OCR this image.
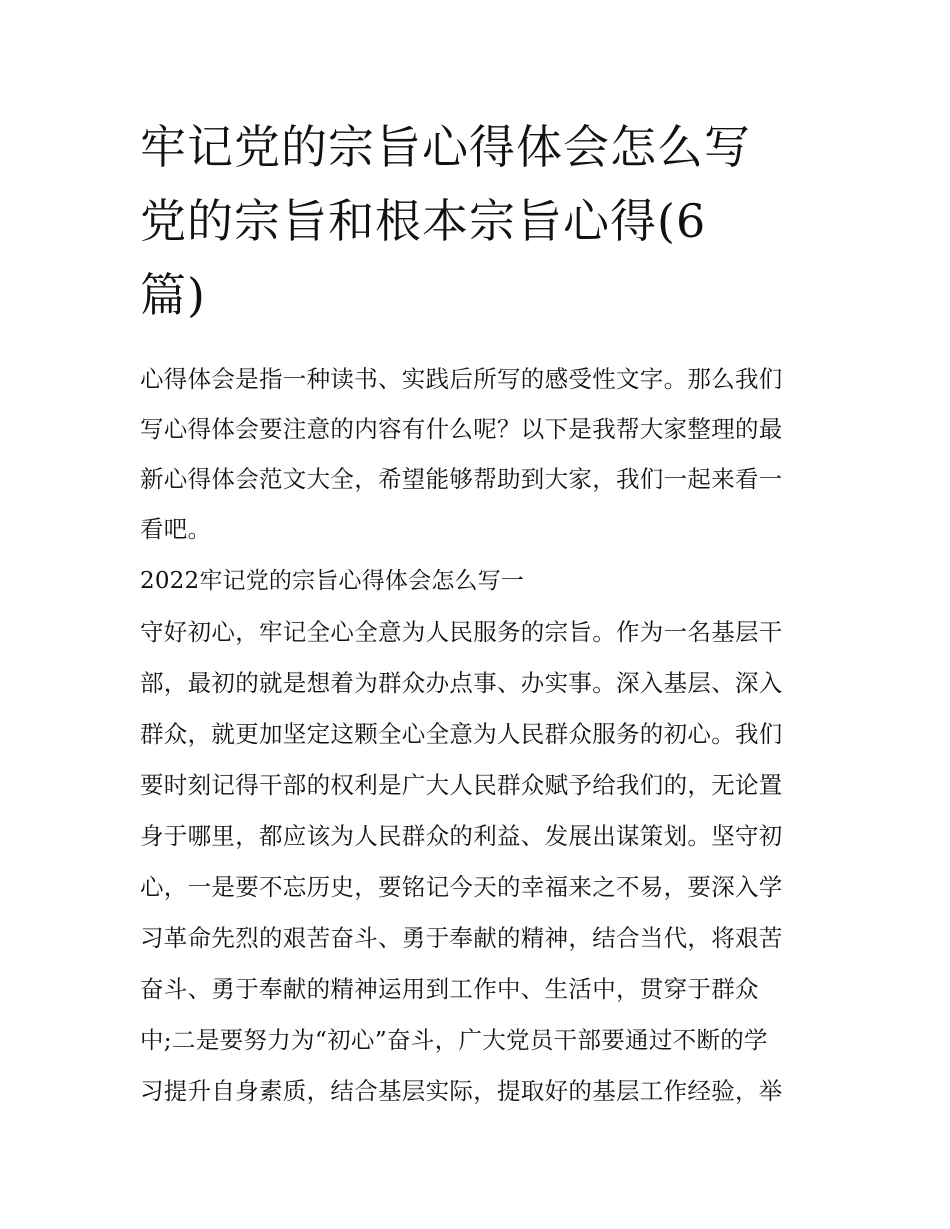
牢记党的宗旨心得体会怎么写
党的宗旨和根本宗旨心得(6
篇)

心得体会是指一种读书、实践后所写的感受性文字。那么我们

写心得体会要注意的内容有什么呢？以下是我帮大家整理的最

新心得体会范文大全，希望能够帮助到大家，我们一起来看一

看吧。

2022牢记党的宗旨心得体会怎么写一

守好初心，牢记全心全意为人民服务的宗旨。作为一名基层干

部，最初的就是想着为群众办点事、办实事。深入基层、深入

群众，就更加坚定这颗全心全意为人民群众服务的初心。我们

要时刻记得干部的权利是广大人民群众赋予给我们的，无论置

身于哪里，都应该为人民群众的利益、发展出谋策划。坚守初

心，一是要不忘历史，要铭记今天的幸福来之不易，要深入学

习革命先烈的艰苦奋斗、勇于奉献的精神，结合当代，将艰苦

奋斗、勇于奉献的精神运用到工作中、生活中，贯穿于群众

中;二是要努力为“初心”奋斗，广大党员干部要通过不断的学

习提升自身素质，结合基层实际，提取好的基层工作经验，举
